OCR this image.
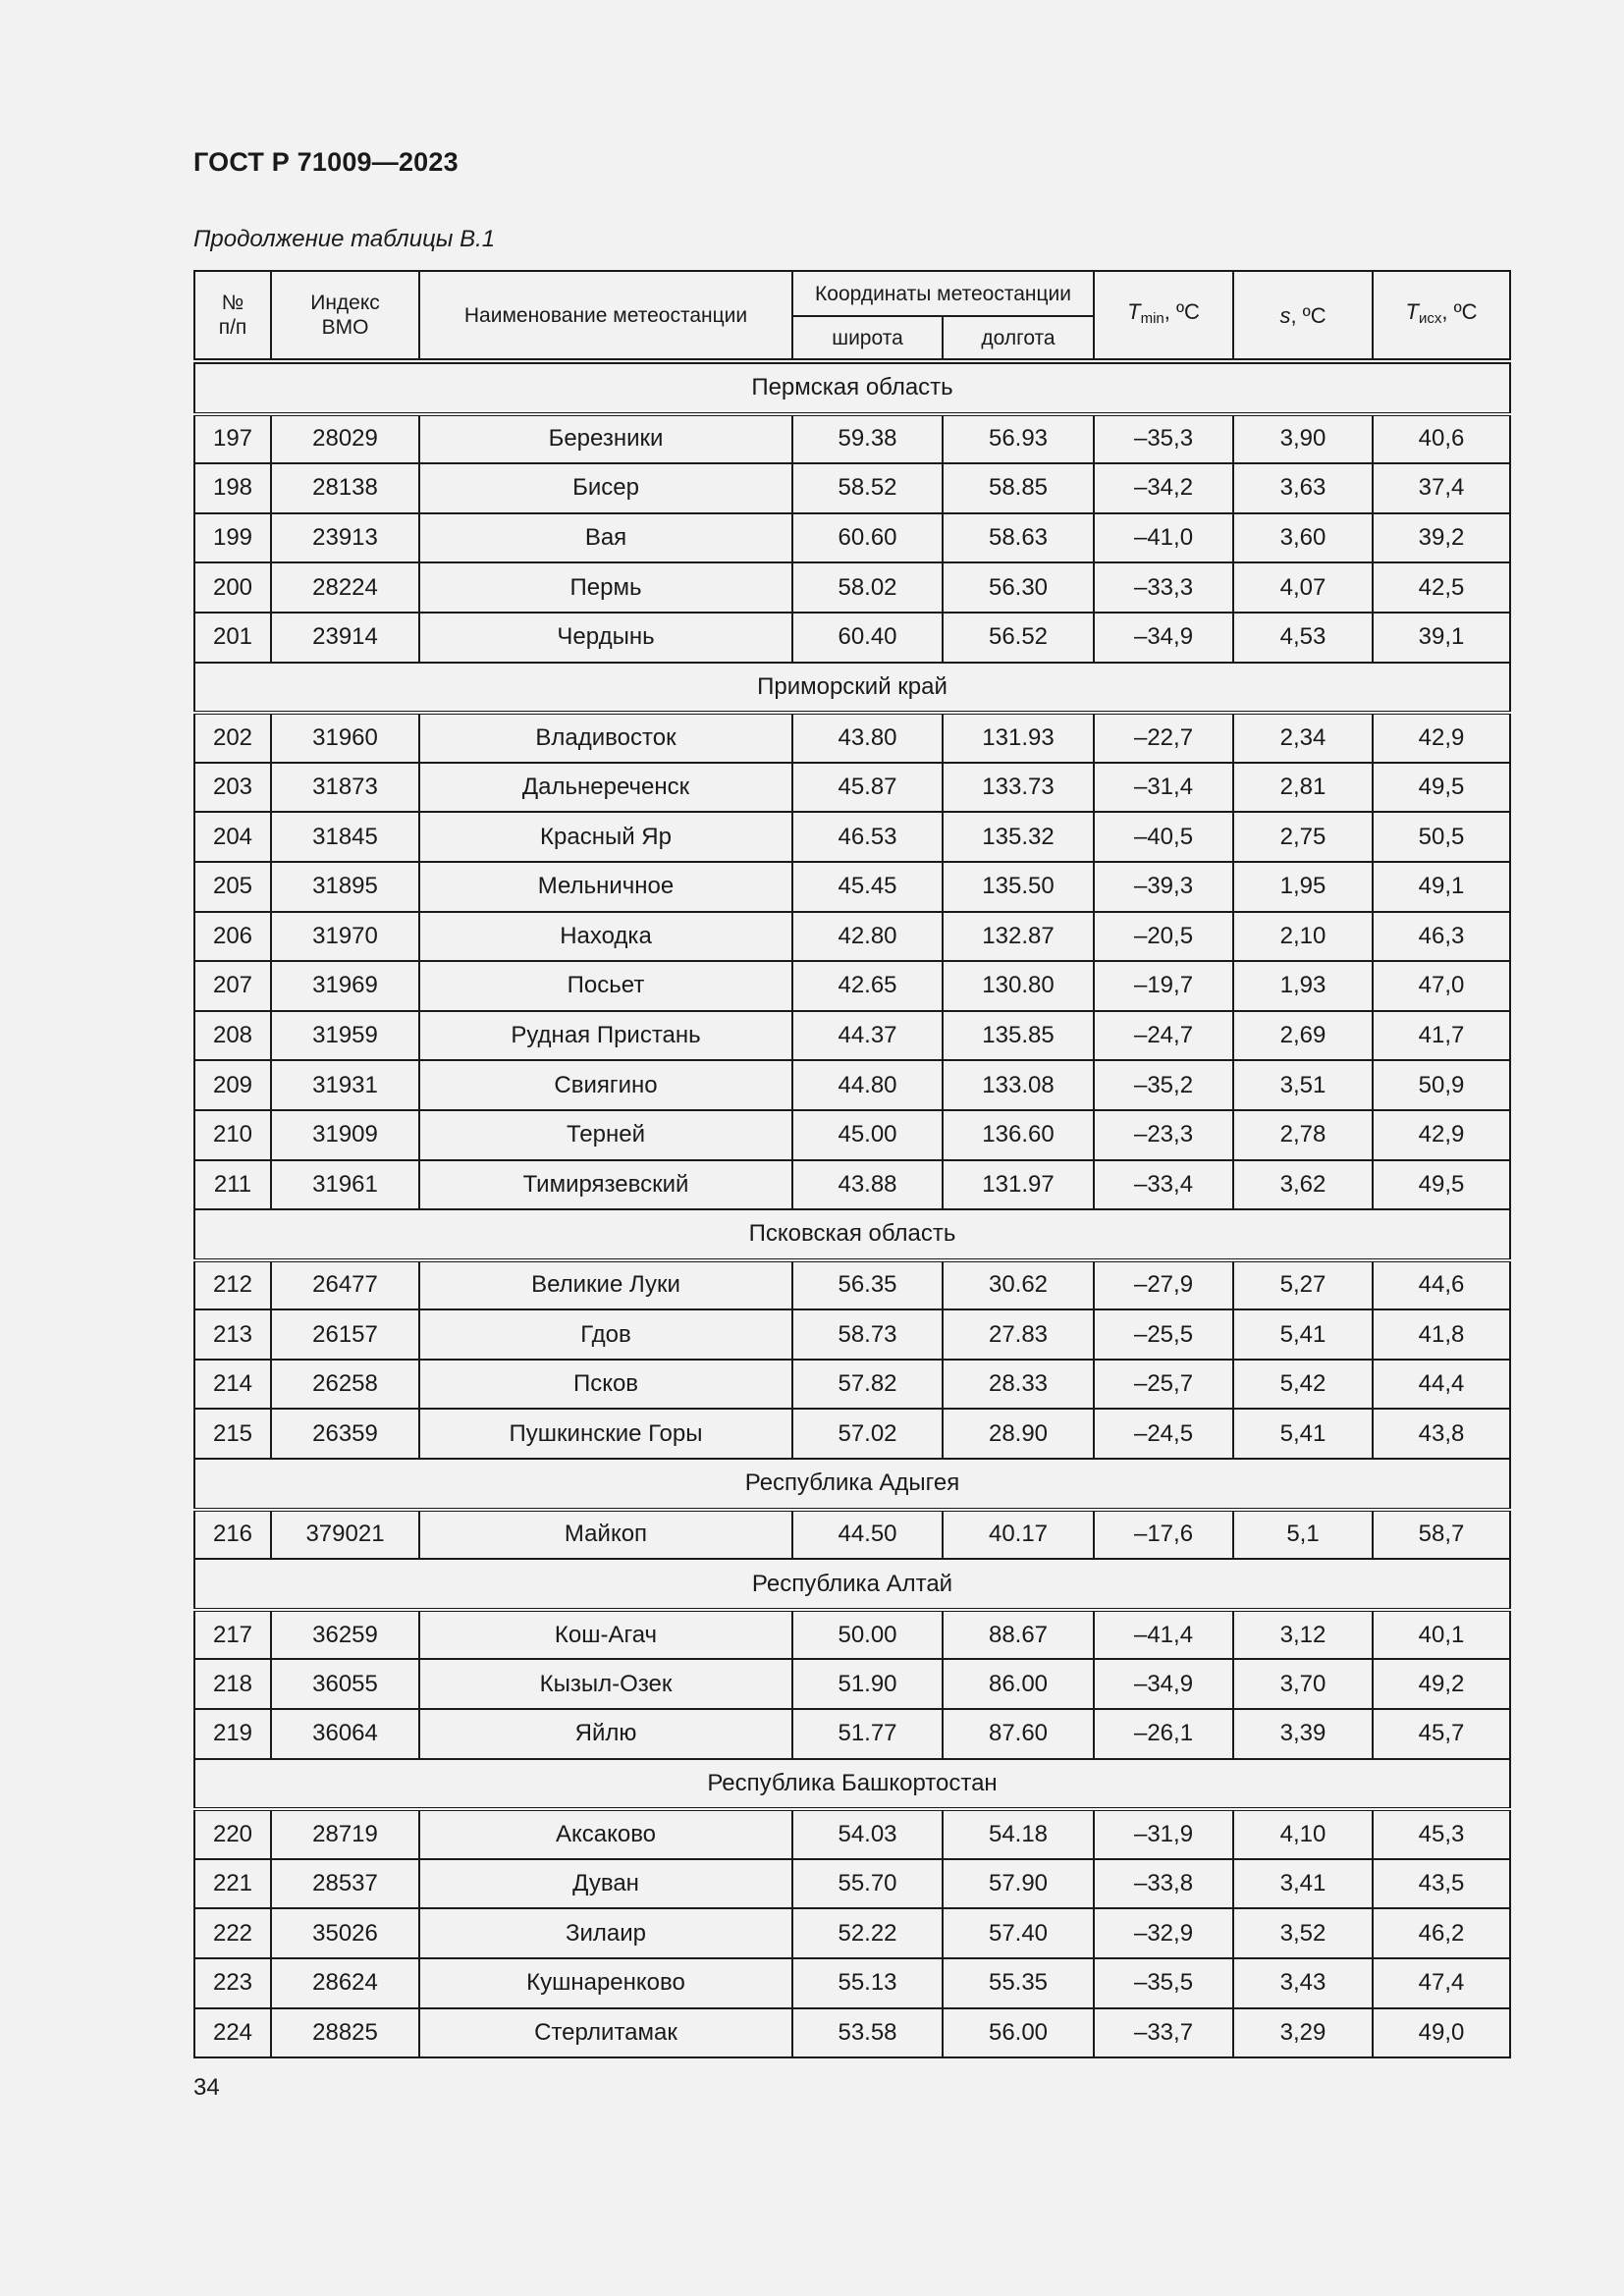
ГОСТ Р 71009—2023
Продолжение таблицы В.1
№ п/п	Индекс ВМО	Наименование метеостанции	Координаты метеостанции		$T_{min}$, ºС	s, ºС	$T_{исх}$, ºС
			широта	долгота			
Пермская область							
197	28029	Березники	59.38	56.93	–35,3	3,90	40,6
198	28138	Бисер	58.52	58.85	–34,2	3,63	37,4
199	23913	Вая	60.60	58.63	–41,0	3,60	39,2
200	28224	Пермь	58.02	56.30	–33,3	4,07	42,5
201	23914	Чердынь	60.40	56.52	–34,9	4,53	39,1
Приморский край							
202	31960	Владивосток	43.80	131.93	–22,7	2,34	42,9
203	31873	Дальнереченск	45.87	133.73	–31,4	2,81	49,5
204	31845	Красный Яр	46.53	135.32	–40,5	2,75	50,5
205	31895	Мельничное	45.45	135.50	–39,3	1,95	49,1
206	31970	Находка	42.80	132.87	–20,5	2,10	46,3
207	31969	Посьет	42.65	130.80	–19,7	1,93	47,0
208	31959	Рудная Пристань	44.37	135.85	–24,7	2,69	41,7
209	31931	Свиягино	44.80	133.08	–35,2	3,51	50,9
210	31909	Терней	45.00	136.60	–23,3	2,78	42,9
211	31961	Тимирязевский	43.88	131.97	–33,4	3,62	49,5
Псковская область							
212	26477	Великие Луки	56.35	30.62	–27,9	5,27	44,6
213	26157	Гдов	58.73	27.83	–25,5	5,41	41,8
214	26258	Псков	57.82	28.33	–25,7	5,42	44,4
215	26359	Пушкинские Горы	57.02	28.90	–24,5	5,41	43,8
Республика Адыгея							
216	379021	Майкоп	44.50	40.17	–17,6	5,1	58,7
Республика Алтай							
217	36259	Кош-Агач	50.00	88.67	–41,4	3,12	40,1
218	36055	Кызыл-Озек	51.90	86.00	–34,9	3,70	49,2
219	36064	Яйлю	51.77	87.60	–26,1	3,39	45,7
Республика Башкортостан							
220	28719	Аксаково	54.03	54.18	–31,9	4,10	45,3
221	28537	Дуван	55.70	57.90	–33,8	3,41	43,5
222	35026	Зилаир	52.22	57.40	–32,9	3,52	46,2
223	28624	Кушнаренково	55.13	55.35	–35,5	3,43	47,4
224	28825	Стерлитамак	53.58	56.00	–33,7	3,29	49,0
34
